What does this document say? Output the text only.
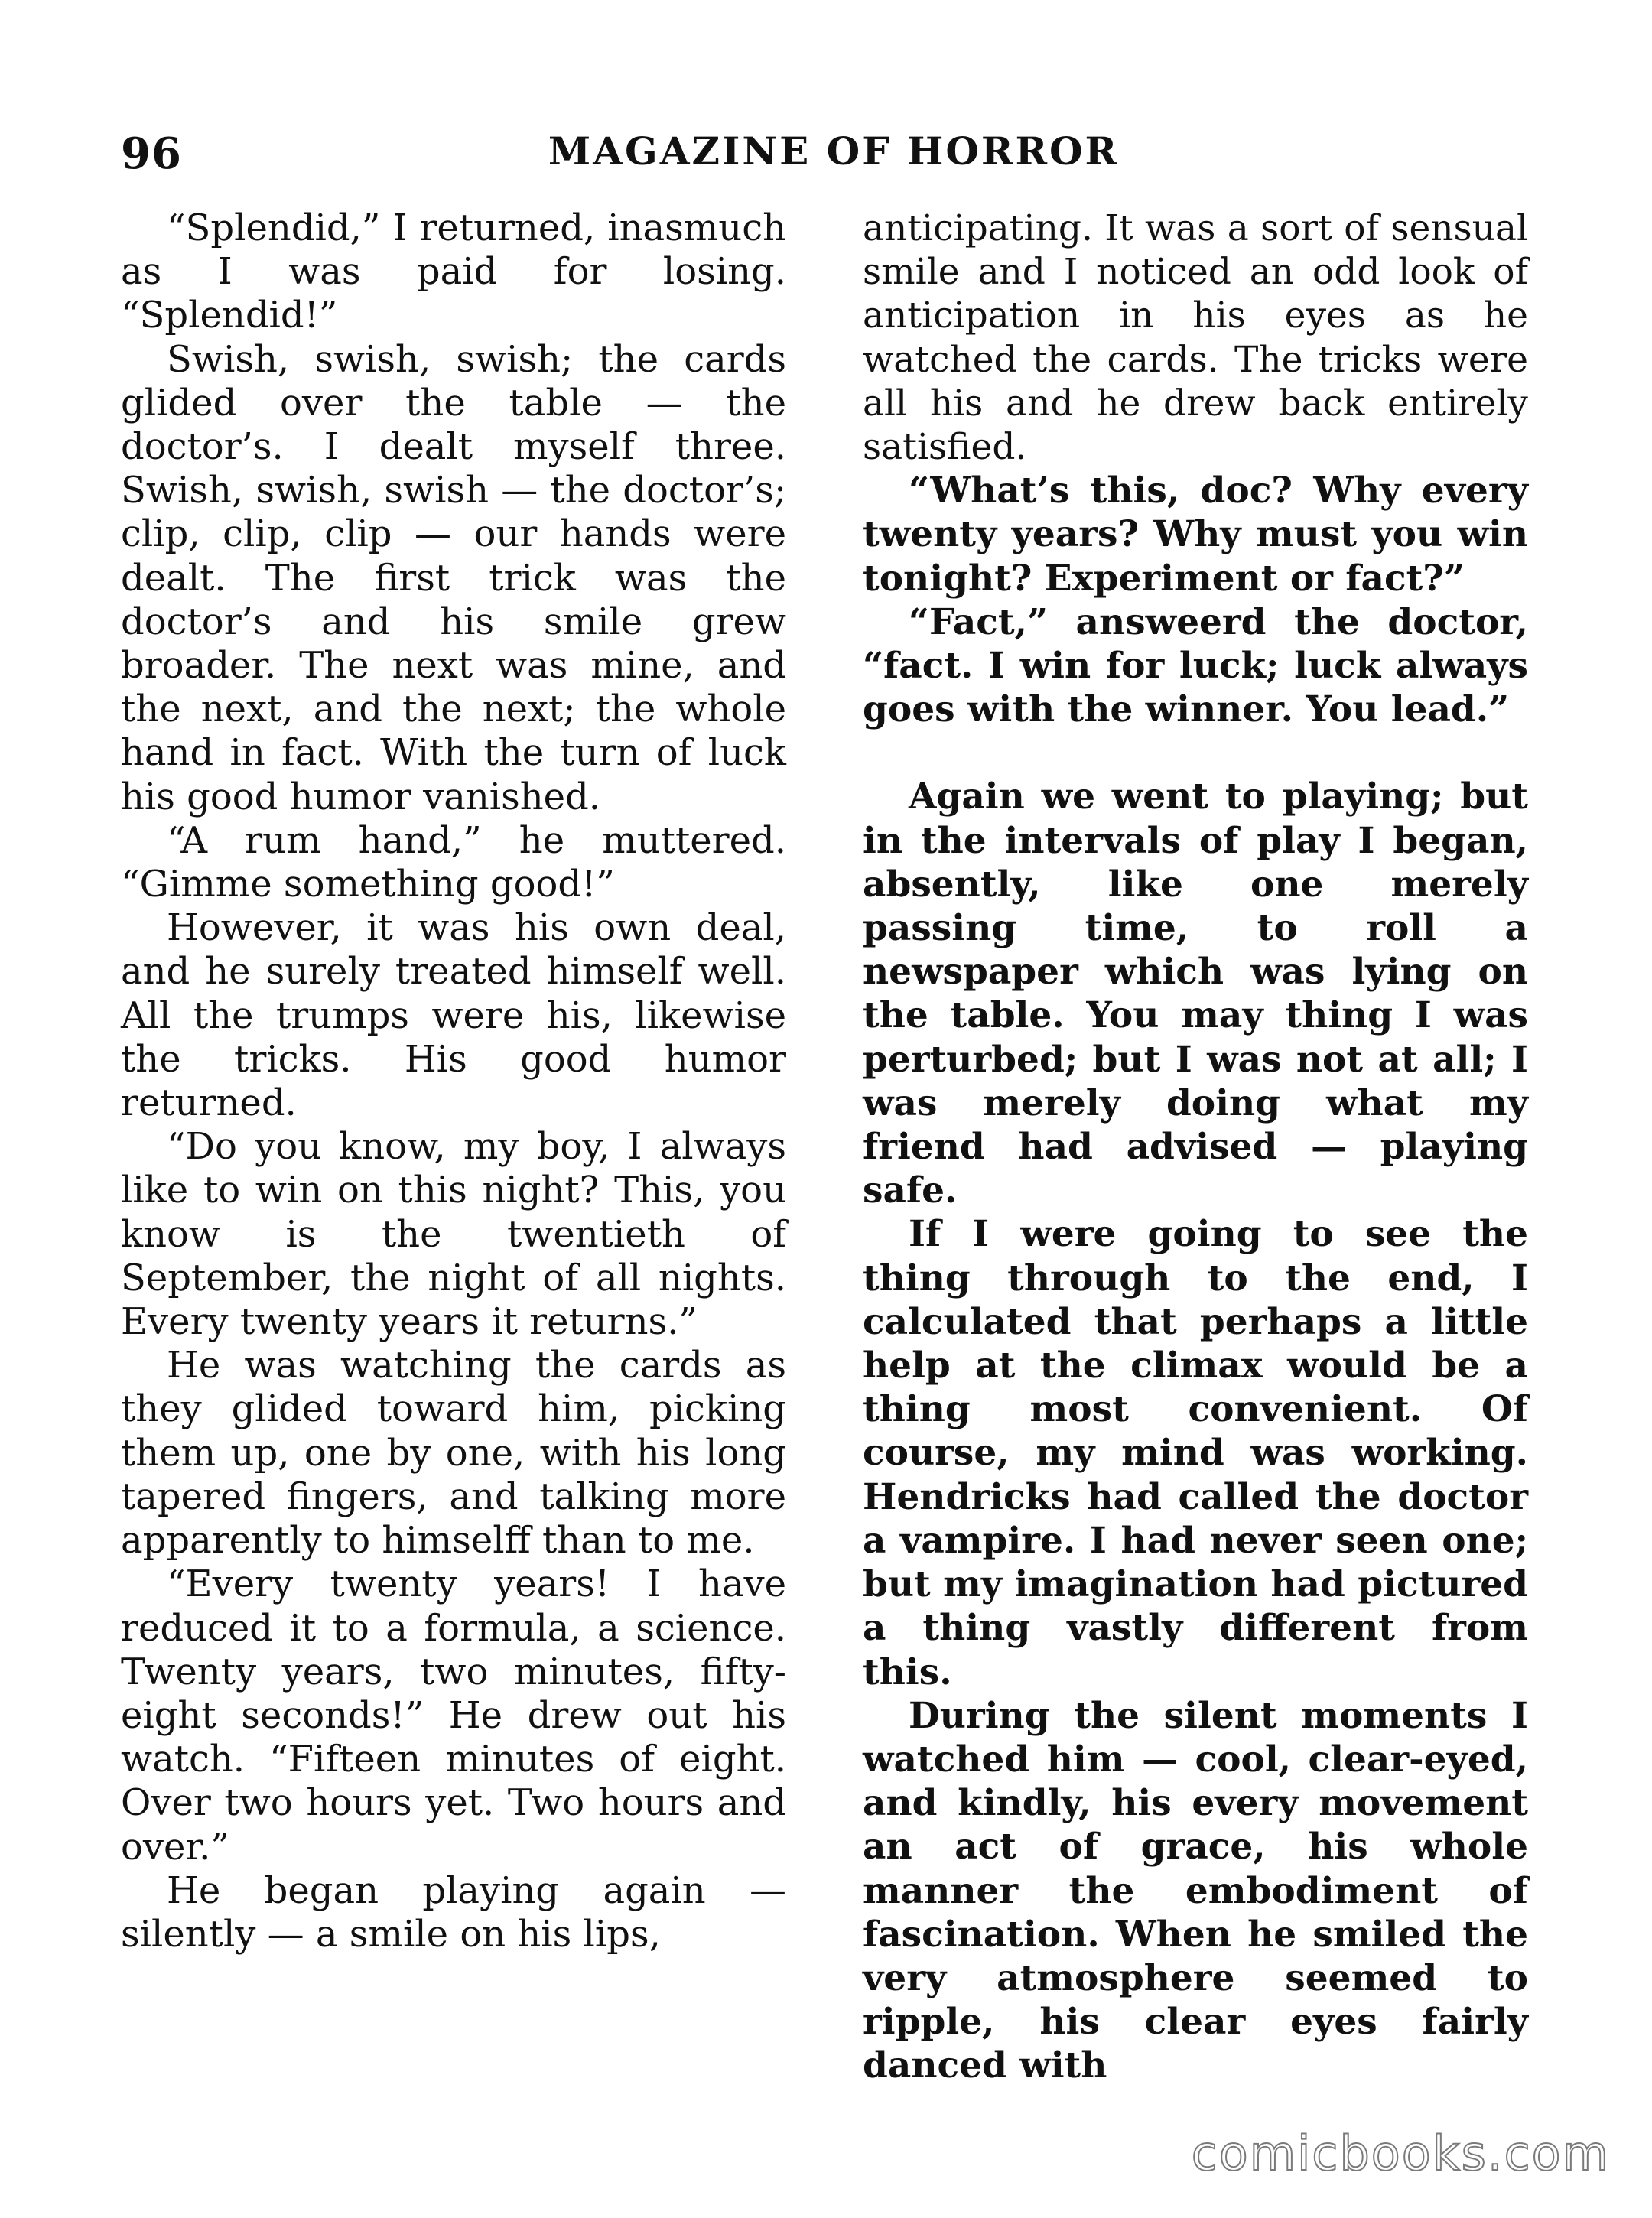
96	MAGAZINE OF HORROR

“Splendid,” I returned, inasmuch as I was paid for losing. “Splendid!”

Swish, swish, swish; the cards glided over the table — the doctor’s. I dealt myself three. Swish, swish, swish — the doctor’s; clip, clip, clip — our hands were dealt. The first trick was the doctor’s and his smile grew broader. The next was mine, and the next, and the next; the whole hand in fact. With the turn of luck his good humor vanished.

“A rum hand,” he muttered. “Gimme something good!”

However, it was his own deal, and he surely treated himself well. All the trumps were his, likewise the tricks. His good humor returned.

“Do you know, my boy, I always like to win on this night? This, you know is the twentieth of September, the night of all nights. Every twenty years it returns.”

He was watching the cards as they glided toward him, picking them up, one by one, with his long tapered fingers, and talking more apparently to himselff than to me.

“Every twenty years! I have reduced it to a formula, a science. Twenty years, two minutes, fifty-eight seconds!” He drew out his watch. “Fifteen minutes of eight. Over two hours yet. Two hours and over.”

He began playing again — silently — a smile on his lips,

anticipating. It was a sort of sensual smile and I noticed an odd look of anticipation in his eyes as he watched the cards. The tricks were all his and he drew back entirely satisfied.

“What’s this, doc? Why every twenty years? Why must you win tonight? Experiment or fact?”

“Fact,” answeerd the doctor, “fact. I win for luck; luck always goes with the winner. You lead.”

Again we went to playing; but in the intervals of play I began, absently, like one merely passing time, to roll a newspaper which was lying on the table. You may thing I was perturbed; but I was not at all; I was merely doing what my friend had advised — playing safe.

If I were going to see the thing through to the end, I calculated that perhaps a little help at the climax would be a thing most convenient. Of course, my mind was working. Hendricks had called the doctor a vampire. I had never seen one; but my imagination had pictured a thing vastly different from this.

During the silent moments I watched him — cool, clear-eyed, and kindly, his every movement an act of grace, his whole manner the embodiment of fascination. When he smiled the very atmosphere seemed to ripple, his clear eyes fairly danced with

comicbooks.com
